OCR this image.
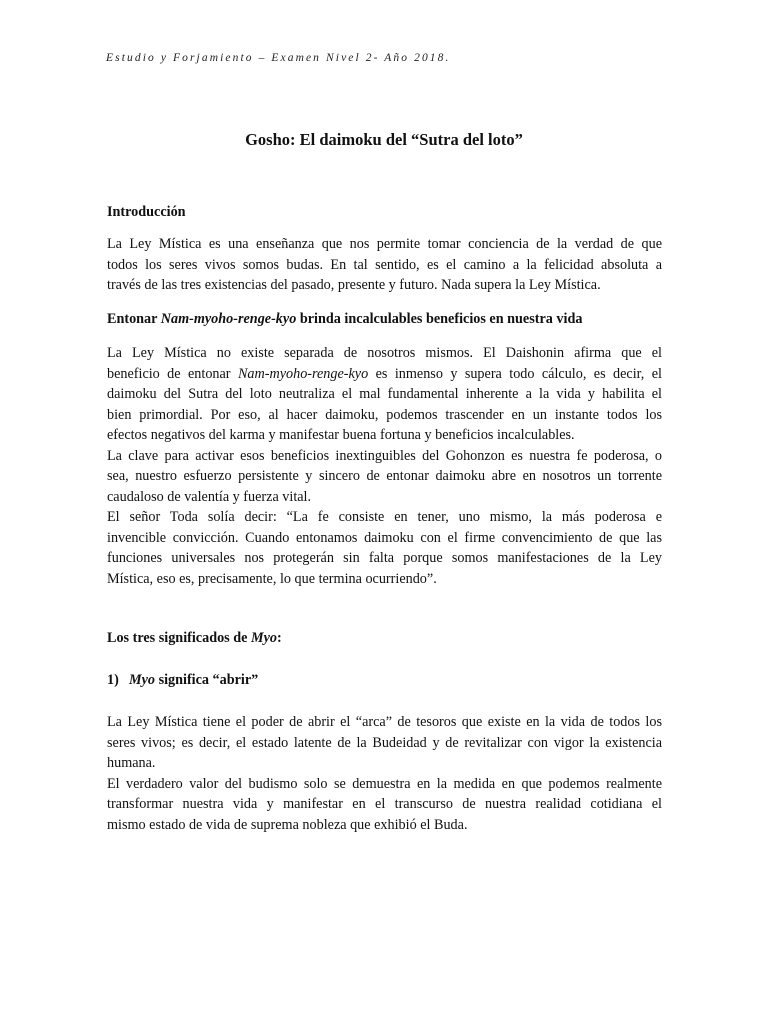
Estudio y Forjamiento – Examen Nivel 2- Año 2018.
Gosho: El daimoku del “Sutra del loto”
Introducción
La Ley Mística es una enseñanza que nos permite tomar conciencia de la verdad de que
todos los seres vivos somos budas. En tal sentido, es el camino a la felicidad absoluta a
través de las tres existencias del pasado, presente y futuro. Nada supera la Ley Mística.
Entonar Nam-myoho-renge-kyo brinda incalculables beneficios en nuestra vida
La Ley Mística no existe separada de nosotros mismos. El Daishonin afirma que el
beneficio de entonar Nam-myoho-renge-kyo es inmenso y supera todo cálculo, es decir, el
daimoku del Sutra del loto neutraliza el mal fundamental inherente a la vida y habilita el
bien primordial. Por eso, al hacer daimoku, podemos trascender en un instante todos los
efectos negativos del karma y manifestar buena fortuna y beneficios incalculables.
La clave para activar esos beneficios inextinguibles del Gohonzon es nuestra fe poderosa, o
sea, nuestro esfuerzo persistente y sincero de entonar daimoku abre en nosotros un torrente
caudaloso de valentía y fuerza vital.
El señor Toda solía decir: “La fe consiste en tener, uno mismo, la más poderosa e
invencible convicción. Cuando entonamos daimoku con el firme convencimiento de que las
funciones universales nos protegerán sin falta porque somos manifestaciones de la Ley
Mística, eso es, precisamente, lo que termina ocurriendo”.
Los tres significados de Myo:
1) Myo significa “abrir”
La Ley Mística tiene el poder de abrir el “arca” de tesoros que existe en la vida de todos los
seres vivos; es decir, el estado latente de la Budeidad y de revitalizar con vigor la existencia
humana.
El verdadero valor del budismo solo se demuestra en la medida en que podemos realmente
transformar nuestra vida y manifestar en el transcurso de nuestra realidad cotidiana el
mismo estado de vida de suprema nobleza que exhibió el Buda.
